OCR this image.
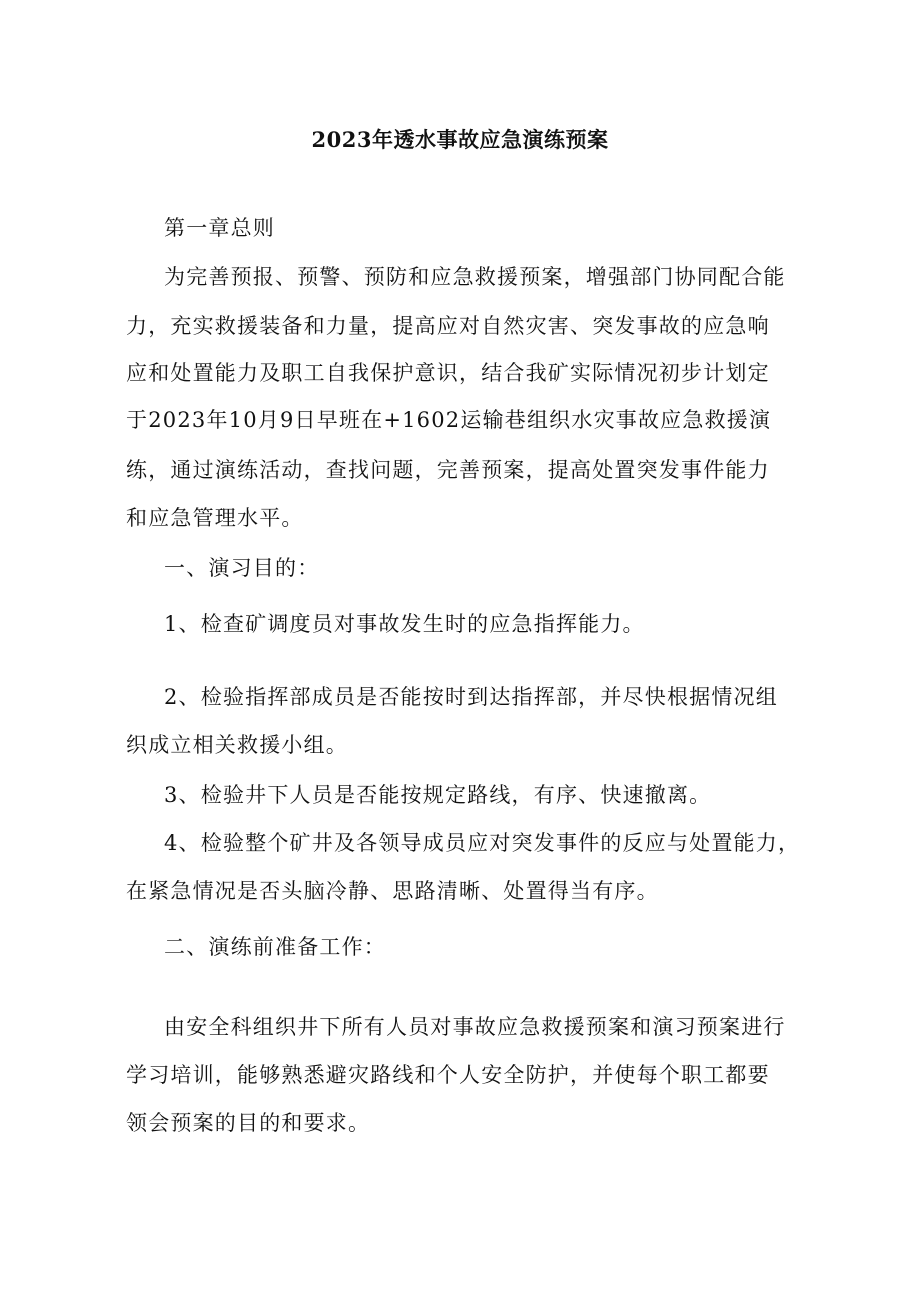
2023年透水事故应急演练预案
第一章总则
为完善预报、预警、预防和应急救援预案，增强部门协同配合能
力，充实救援装备和力量，提高应对自然灾害、突发事故的应急响
应和处置能力及职工自我保护意识，结合我矿实际情况初步计划定
于2023年10月9日早班在+1602运输巷组织水灾事故应急救援演
练，通过演练活动，查找问题，完善预案，提高处置突发事件能力
和应急管理水平。
一、演习目的：
1、检查矿调度员对事故发生时的应急指挥能力。
2、检验指挥部成员是否能按时到达指挥部，并尽快根据情况组
织成立相关救援小组。
3、检验井下人员是否能按规定路线，有序、快速撤离。
4、检验整个矿井及各领导成员应对突发事件的反应与处置能力，
在紧急情况是否头脑冷静、思路清晰、处置得当有序。
二、演练前准备工作：
由安全科组织井下所有人员对事故应急救援预案和演习预案进行
学习培训，能够熟悉避灾路线和个人安全防护，并使每个职工都要
领会预案的目的和要求。
